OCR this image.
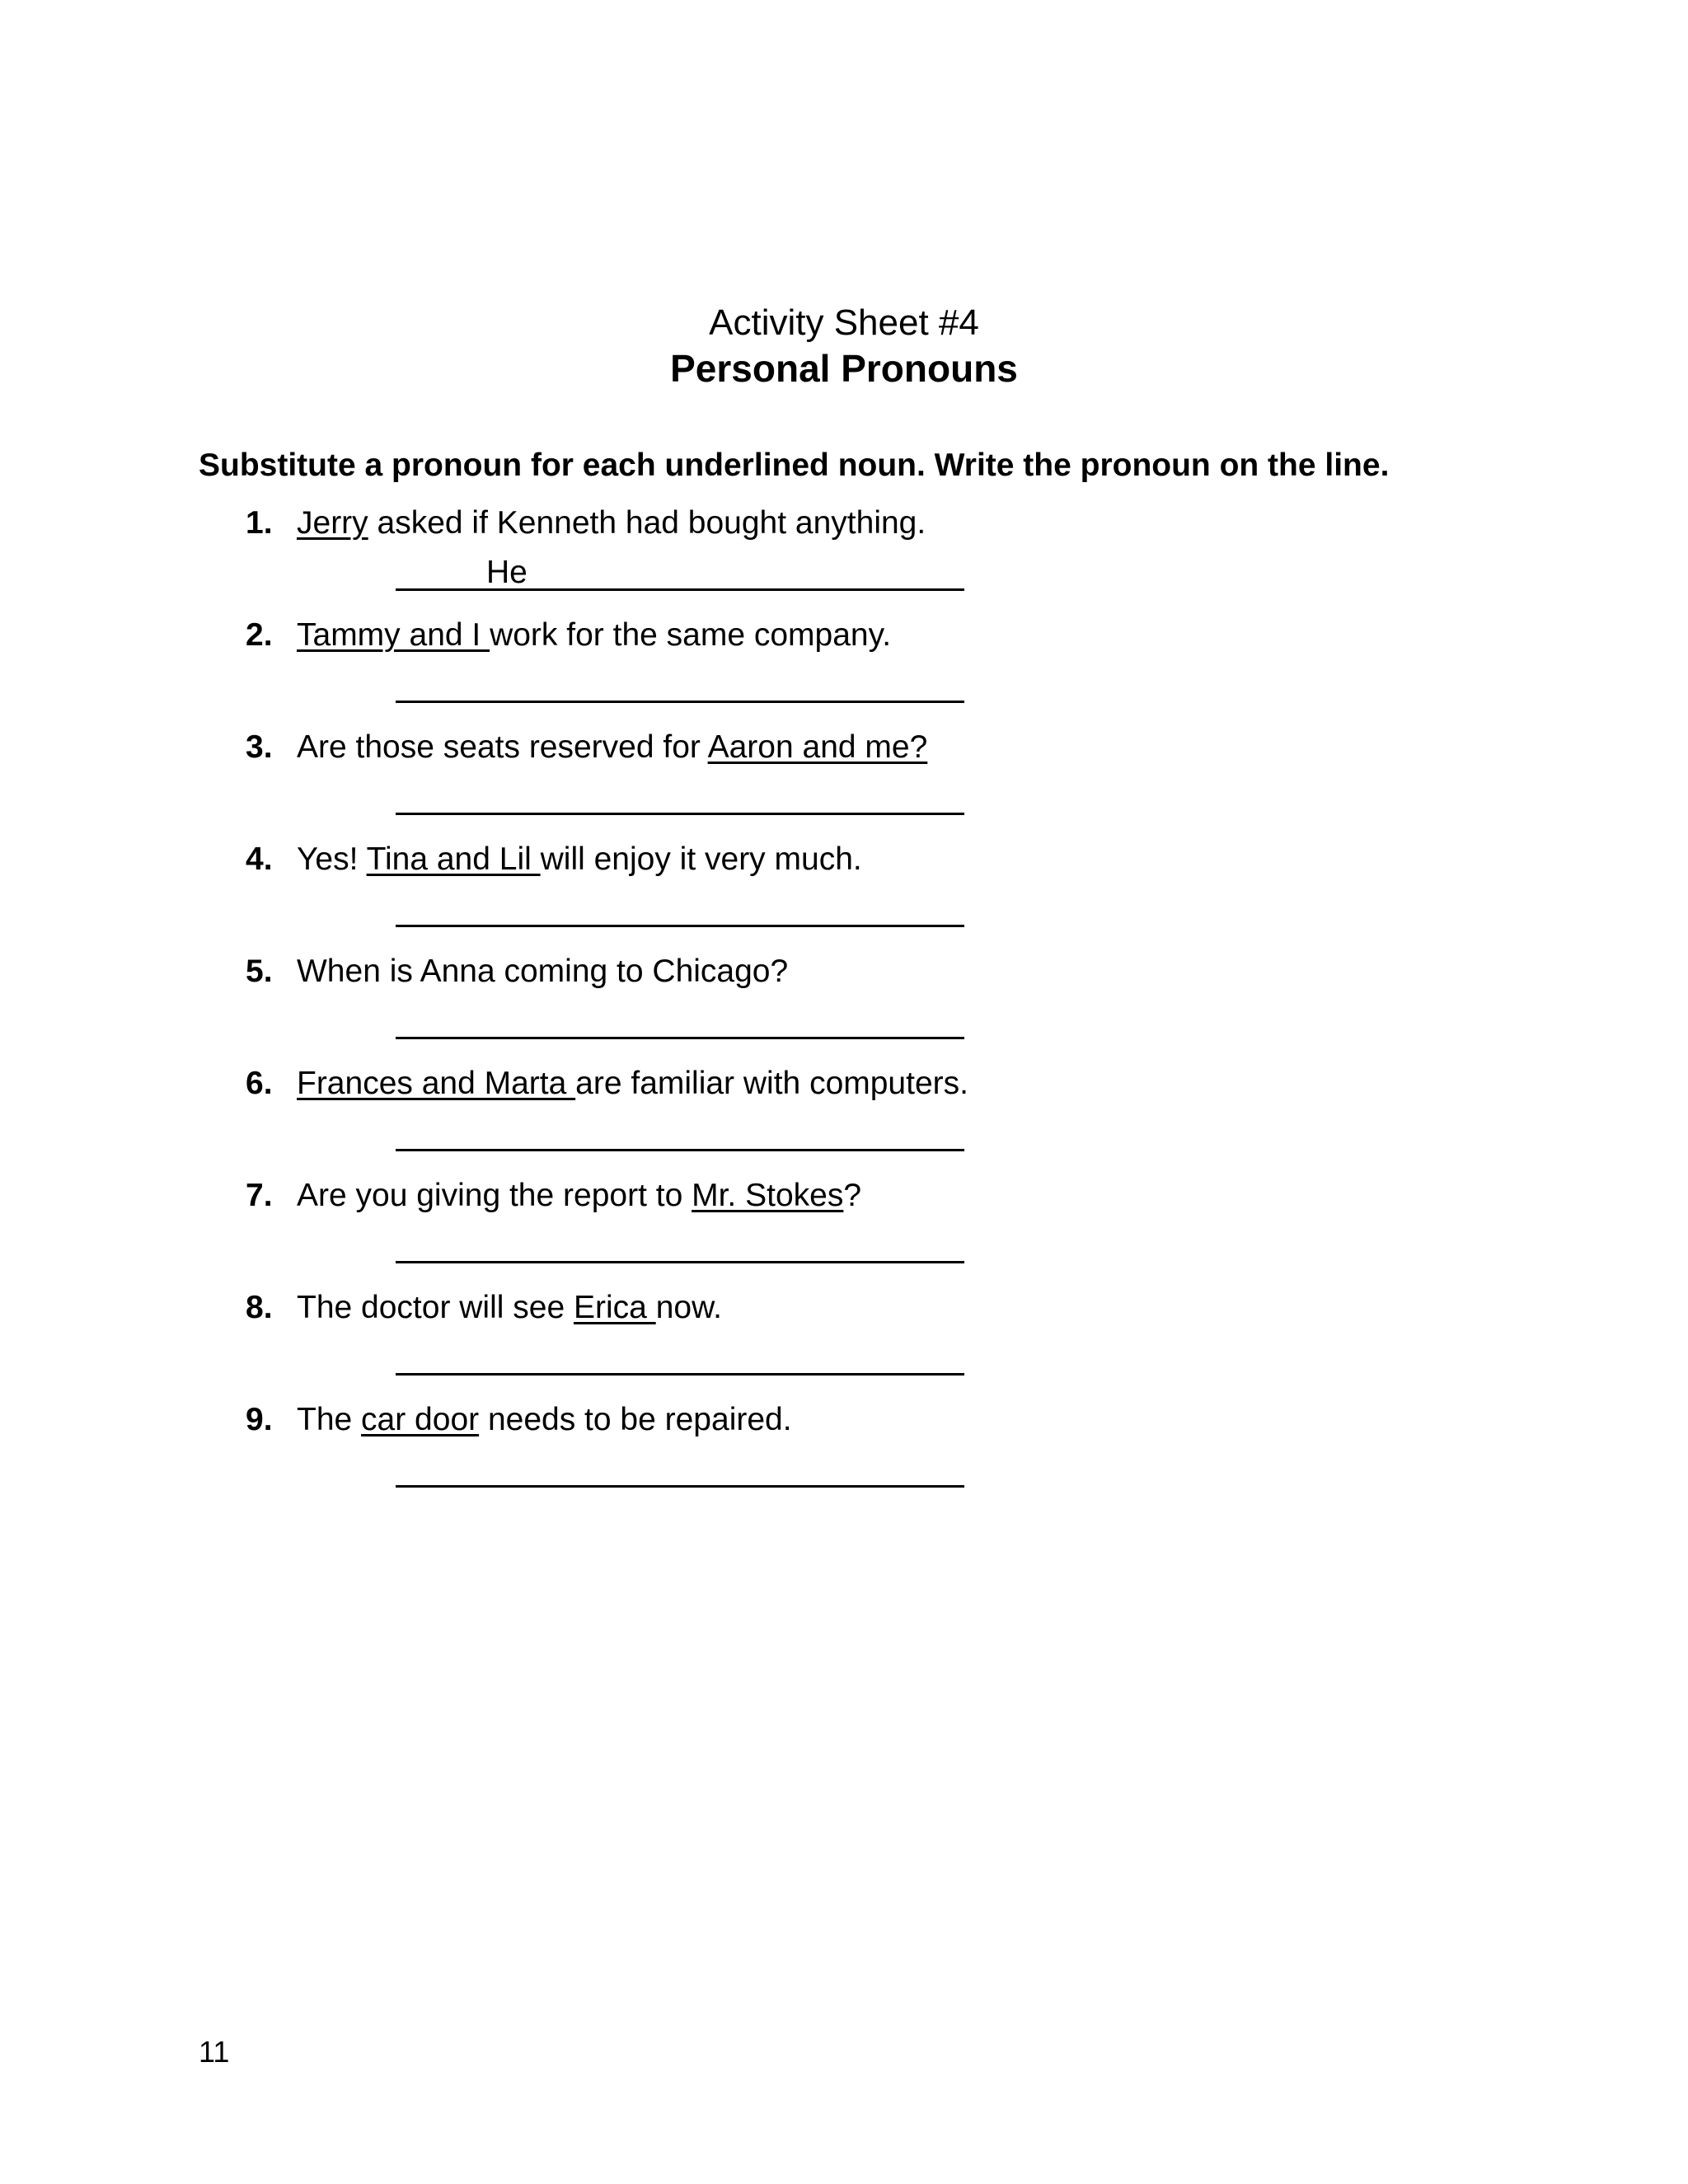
Activity Sheet #4
Personal Pronouns
Substitute a pronoun for each underlined noun. Write the pronoun on the line.
1. Jerry asked if Kenneth had bought anything.
He
2. Tammy and I work for the same company.
3. Are those seats reserved for Aaron and me?
4. Yes! Tina and Lil will enjoy it very much.
5. When is Anna coming to Chicago?
6. Frances and Marta are familiar with computers.
7. Are you giving the report to Mr. Stokes?
8. The doctor will see Erica now.
9. The car door needs to be repaired.
11
